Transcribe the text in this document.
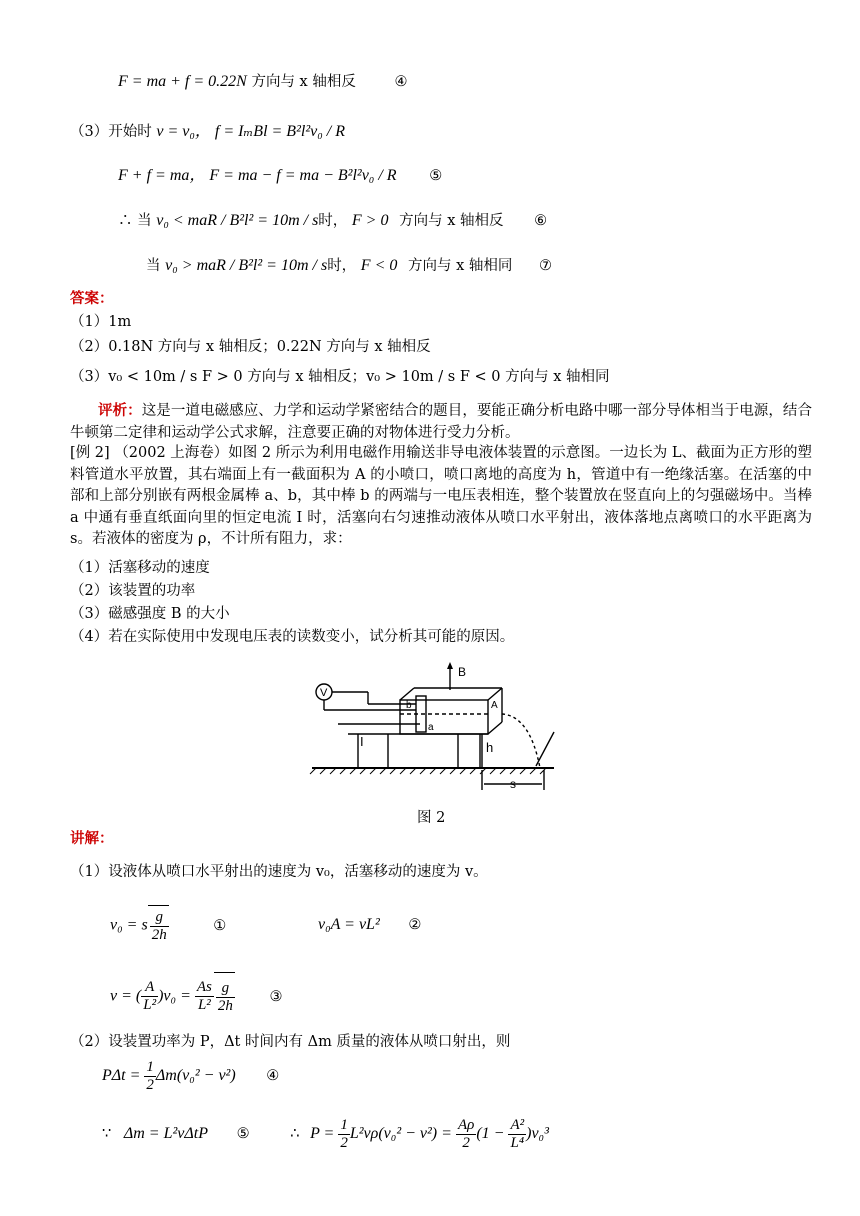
F = ma + f = 0.22N 方向与 x 轴相反	④
（3）开始时 v = v₀， f = IₘBl = B²l²v₀ / R
F + f = ma， F = ma − f = ma − B²l²v₀ / R ⑤
∴ 当 v₀ < maR / B²l² = 10m / s时， F > 0 方向与 x 轴相反 ⑥
当 v₀ > maR / B²l² = 10m / s时， F < 0 方向与 x 轴相同 ⑦
答案：
（1）1m
（2）0.18N 方向与 x 轴相反；0.22N 方向与 x 轴相反
（3）v₀ < 10m / s F > 0 方向与 x 轴相反；v₀ > 10m / s F < 0 方向与 x 轴相同
评析：这是一道电磁感应、力学和运动学紧密结合的题目，要能正确分析电路中哪一部分导体相当于电源，结合牛顿第二定律和运动学公式求解，注意要正确的对物体进行受力分析。
[例 2] （2002 上海卷）如图 2 所示为利用电磁作用输送非导电液体装置的示意图。一边长为 L、截面为正方形的塑料管道水平放置，其右端面上有一截面积为 A 的小喷口，喷口离地的高度为 h，管道中有一绝缘活塞。在活塞的中部和上部分别嵌有两根金属棒 a、b，其中棒 b 的两端与一电压表相连，整个装置放在竖直向上的匀强磁场中。当棒 a 中通有垂直纸面向里的恒定电流 I 时，活塞向右匀速推动液体从喷口水平射出，液体落地点离喷口的水平距离为 s。若液体的密度为 ρ，不计所有阻力，求：
（1）活塞移动的速度
（2）该装置的功率
（3）磁感强度 B 的大小
（4）若在实际使用中发现电压表的读数变小，试分析其可能的原因。
B
V
b
a
A
I	h
s
图 2
讲解：
（1）设液体从喷口水平射出的速度为 v₀，活塞移动的速度为 v。
v₀ = s $\frac{g}{2h}$	①	v₀A = vL² ②
v = ( $\frac{A}{\text{L²}} )v_0 = \frac{As}{\text{L²}} \frac{g}{2h}$ ③
（2）设装置功率为 P，Δt 时间内有 Δm 质量的液体从喷口射出，则
$P\Delta t = \frac{1}{2} \Delta m(v_0^2 - v^2)$ ④
∵ Δm = L²vΔtP ⑤	∴ $P = \frac{1}{2} L^2v\rho(v_0^2 - v^2) = \frac{A\rho}{2} (1 - \frac{\text{A²}}{\text{L⁴}} )v_0^3$
